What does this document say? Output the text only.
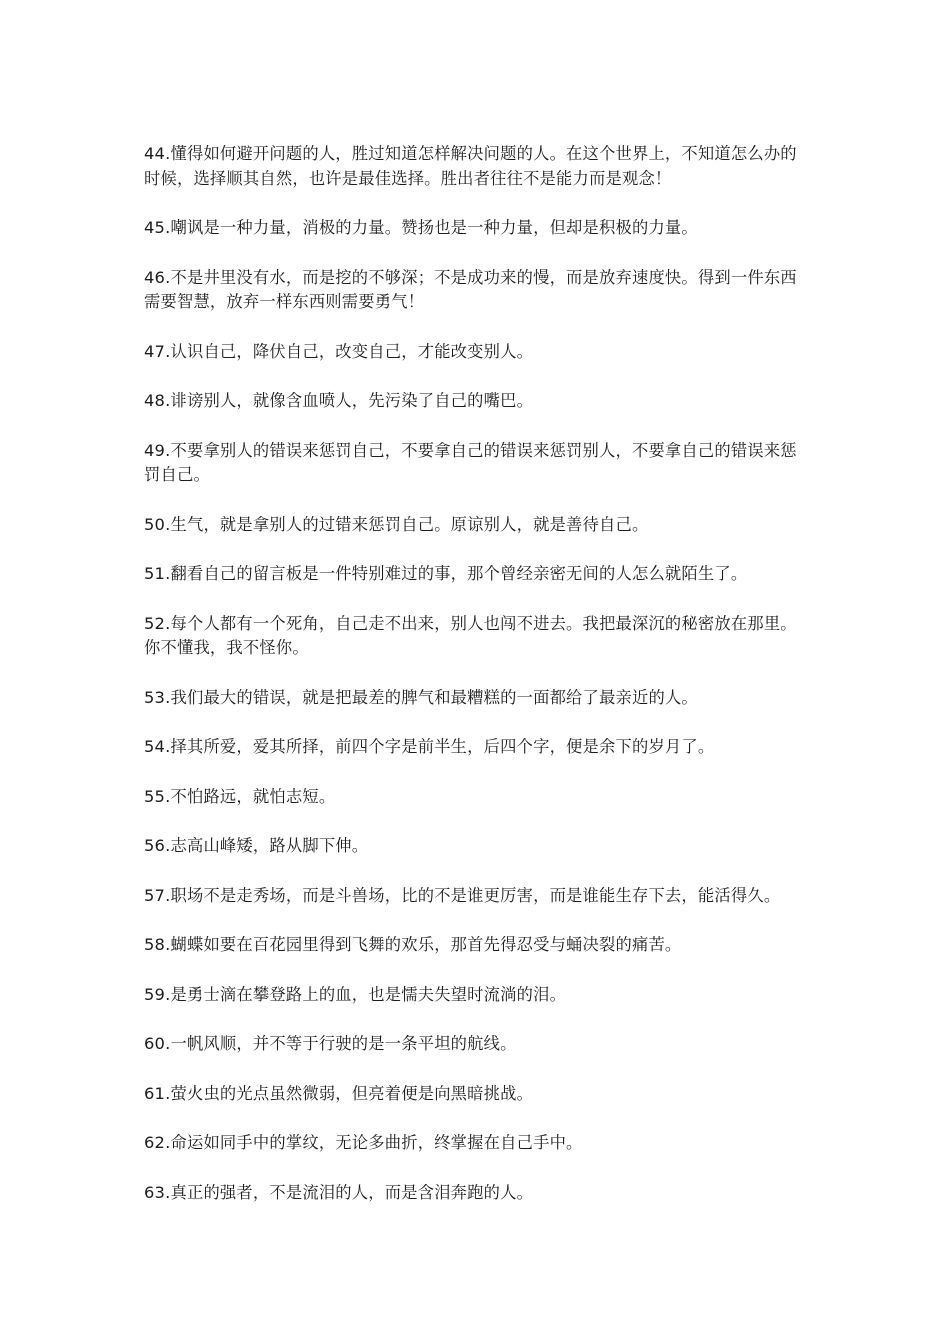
44.懂得如何避开问题的人，胜过知道怎样解决问题的人。在这个世界上，不知道怎么办的时候，选择顺其自然，也许是最佳选择。胜出者往往不是能力而是观念！

45.嘲讽是一种力量，消极的力量。赞扬也是一种力量，但却是积极的力量。

46.不是井里没有水，而是挖的不够深；不是成功来的慢，而是放弃速度快。得到一件东西需要智慧，放弃一样东西则需要勇气！

47.认识自己，降伏自己，改变自己，才能改变别人。

48.诽谤别人，就像含血喷人，先污染了自己的嘴巴。

49.不要拿别人的错误来惩罚自己，不要拿自己的错误来惩罚别人，不要拿自己的错误来惩罚自己。

50.生气，就是拿别人的过错来惩罚自己。原谅别人，就是善待自己。

51.翻看自己的留言板是一件特别难过的事，那个曾经亲密无间的人怎么就陌生了。

52.每个人都有一个死角，自己走不出来，别人也闯不进去。我把最深沉的秘密放在那里。你不懂我，我不怪你。

53.我们最大的错误，就是把最差的脾气和最糟糕的一面都给了最亲近的人。

54.择其所爱，爱其所择，前四个字是前半生，后四个字，便是余下的岁月了。

55.不怕路远，就怕志短。

56.志高山峰矮，路从脚下伸。

57.职场不是走秀场，而是斗兽场，比的不是谁更厉害，而是谁能生存下去，能活得久。

58.蝴蝶如要在百花园里得到飞舞的欢乐，那首先得忍受与蛹决裂的痛苦。

59.是勇士滴在攀登路上的血，也是懦夫失望时流淌的泪。

60.一帆风顺，并不等于行驶的是一条平坦的航线。

61.萤火虫的光点虽然微弱，但亮着便是向黑暗挑战。

62.命运如同手中的掌纹，无论多曲折，终掌握在自己手中。

63.真正的强者，不是流泪的人，而是含泪奔跑的人。
